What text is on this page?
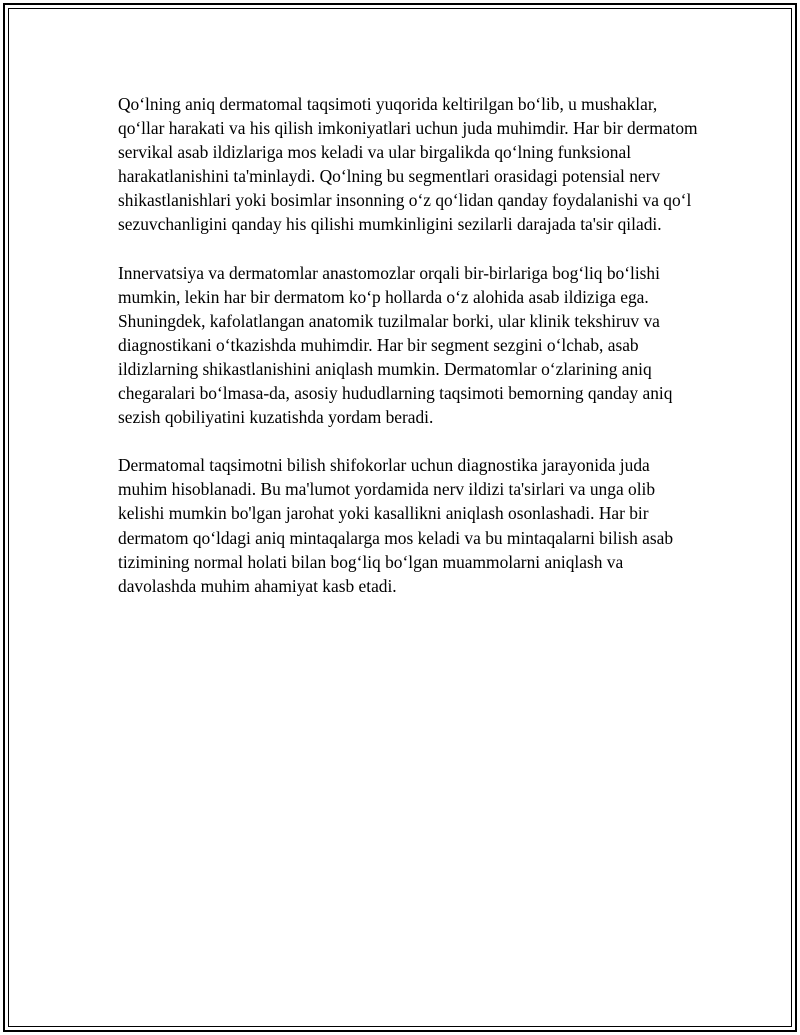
Qo‘lning aniq dermatomal taqsimoti yuqorida keltirilgan bo‘lib, u mushaklar, qo‘llar harakati va his qilish imkoniyatlari uchun juda muhimdir. Har bir dermatom servikal asab ildizlariga mos keladi va ular birgalikda qo‘lning funksional harakatlanishini ta'minlaydi. Qo‘lning bu segmentlari orasidagi potensial nerv shikastlanishlari yoki bosimlar insonning o‘z qo‘lidan qanday foydalanishi va qo‘l sezuvchanligini qanday his qilishi mumkinligini sezilarli darajada ta'sir qiladi.

Innervatsiya va dermatomlar anastomozlar orqali bir-birlariga bog‘liq bo‘lishi mumkin, lekin har bir dermatom ko‘p hollarda o‘z alohida asab ildiziga ega. Shuningdek, kafolatlangan anatomik tuzilmalar borki, ular klinik tekshiruv va diagnostikani o‘tkazishda muhimdir. Har bir segment sezgini o‘lchab, asab ildizlarning shikastlanishini aniqlash mumkin. Dermatomlar o‘zlarining aniq chegaralari bo‘lmasa-da, asosiy hududlarning taqsimoti bemorning qanday aniq sezish qobiliyatini kuzatishda yordam beradi.

Dermatomal taqsimotni bilish shifokorlar uchun diagnostika jarayonida juda muhim hisoblanadi. Bu ma'lumot yordamida nerv ildizi ta'sirlari va unga olib kelishi mumkin bo'lgan jarohat yoki kasallikni aniqlash osonlashadi. Har bir dermatom qo‘ldagi aniq mintaqalarga mos keladi va bu mintaqalarni bilish asab tizimining normal holati bilan bog‘liq bo‘lgan muammolarni aniqlash va davolashda muhim ahamiyat kasb etadi.
